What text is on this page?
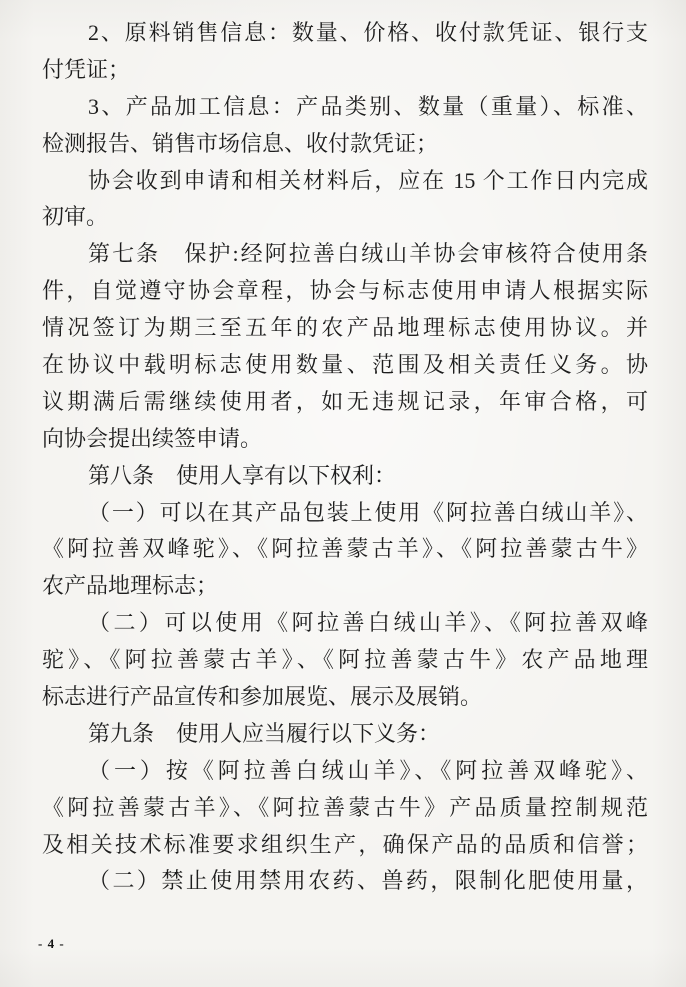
2、原料销售信息：数量、价格、收付款凭证、银行支
付凭证；
3、产品加工信息：产品类别、数量（重量）、标准、
检测报告、销售市场信息、收付款凭证；
协会收到申请和相关材料后，应在 15 个工作日内完成
初审。
第七条　保护:经阿拉善白绒山羊协会审核符合使用条
件，自觉遵守协会章程，协会与标志使用申请人根据实际
情况签订为期三至五年的农产品地理标志使用协议。并
在协议中载明标志使用数量、范围及相关责任义务。协
议期满后需继续使用者，如无违规记录，年审合格，可
向协会提出续签申请。
第八条　使用人享有以下权利：
（一）可以在其产品包装上使用《阿拉善白绒山羊》、
《阿拉善双峰驼》、《阿拉善蒙古羊》、《阿拉善蒙古牛》
农产品地理标志；
（二）可以使用《阿拉善白绒山羊》、《阿拉善双峰
驼》、《阿拉善蒙古羊》、《阿拉善蒙古牛》农产品地理
标志进行产品宣传和参加展览、展示及展销。
第九条　使用人应当履行以下义务：
（一）按《阿拉善白绒山羊》、《阿拉善双峰驼》、
《阿拉善蒙古羊》、《阿拉善蒙古牛》产品质量控制规范
及相关技术标准要求组织生产，确保产品的品质和信誉；
（二）禁止使用禁用农药、兽药，限制化肥使用量，
- 4 -
